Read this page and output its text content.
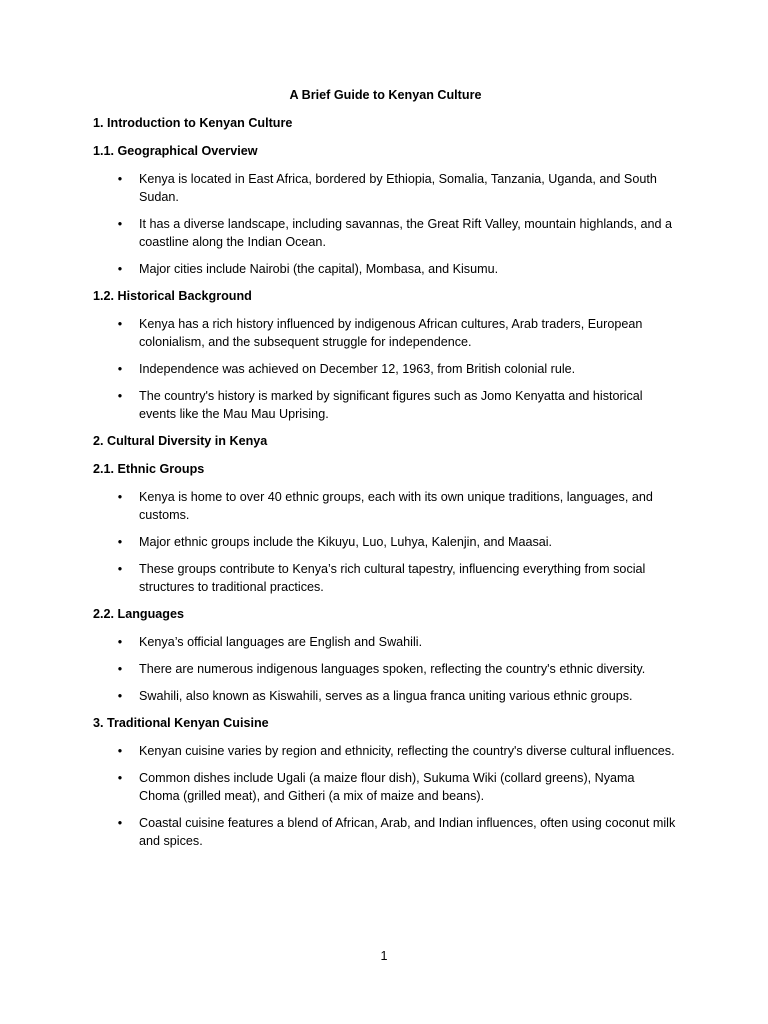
A Brief Guide to Kenyan Culture
1. Introduction to Kenyan Culture
1.1. Geographical Overview
• Kenya is located in East Africa, bordered by Ethiopia, Somalia, Tanzania, Uganda, and South Sudan.
• It has a diverse landscape, including savannas, the Great Rift Valley, mountain highlands, and a coastline along the Indian Ocean.
• Major cities include Nairobi (the capital), Mombasa, and Kisumu.
1.2. Historical Background
• Kenya has a rich history influenced by indigenous African cultures, Arab traders, European colonialism, and the subsequent struggle for independence.
• Independence was achieved on December 12, 1963, from British colonial rule.
• The country's history is marked by significant figures such as Jomo Kenyatta and historical events like the Mau Mau Uprising.
2. Cultural Diversity in Kenya
2.1. Ethnic Groups
• Kenya is home to over 40 ethnic groups, each with its own unique traditions, languages, and customs.
• Major ethnic groups include the Kikuyu, Luo, Luhya, Kalenjin, and Maasai.
• These groups contribute to Kenya’s rich cultural tapestry, influencing everything from social structures to traditional practices.
2.2. Languages
• Kenya’s official languages are English and Swahili.
• There are numerous indigenous languages spoken, reflecting the country's ethnic diversity.
• Swahili, also known as Kiswahili, serves as a lingua franca uniting various ethnic groups.
3. Traditional Kenyan Cuisine
• Kenyan cuisine varies by region and ethnicity, reflecting the country's diverse cultural influences.
• Common dishes include Ugali (a maize flour dish), Sukuma Wiki (collard greens), Nyama Choma (grilled meat), and Githeri (a mix of maize and beans).
• Coastal cuisine features a blend of African, Arab, and Indian influences, often using coconut milk and spices.
1
